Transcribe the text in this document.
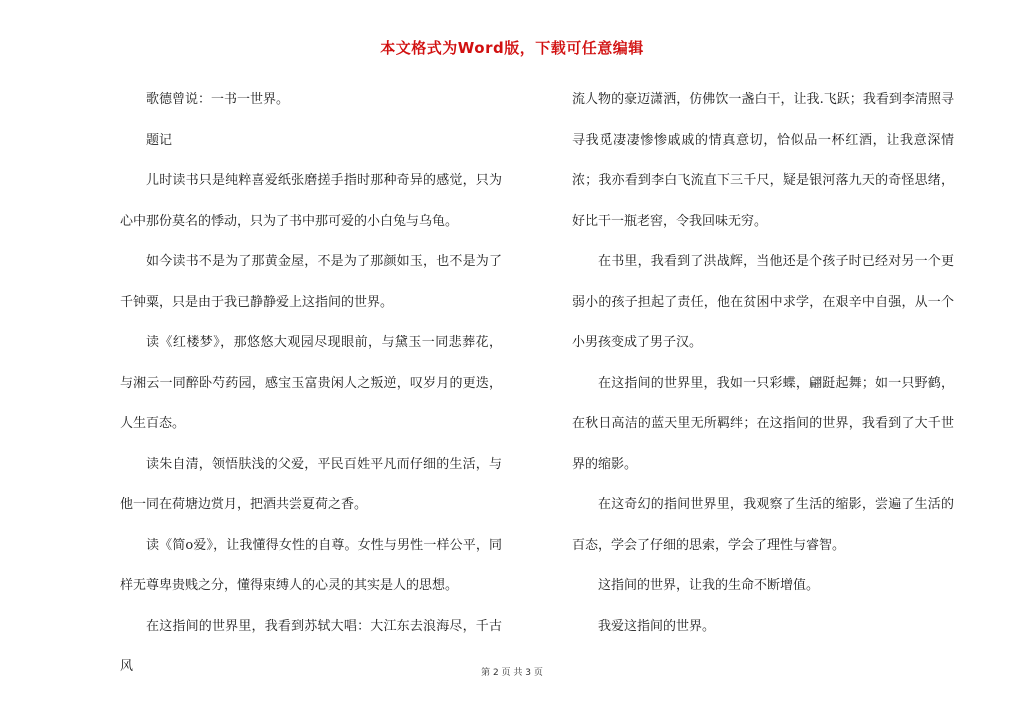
本文格式为Word版，下载可任意编辑

歌德曾说：一书一世界。

题记

儿时读书只是纯粹喜爱纸张磨搓手指时那种奇异的感觉，只为心中那份莫名的悸动，只为了书中那可爱的小白兔与乌龟。

如今读书不是为了那黄金屋，不是为了那颜如玉，也不是为了千钟粟，只是由于我已静静爱上这指间的世界。

读《红楼梦》，那悠悠大观园尽现眼前，与黛玉一同悲葬花，与湘云一同醉卧芍药园，感宝玉富贵闲人之叛逆，叹岁月的更迭，人生百态。

读朱自清，领悟肤浅的父爱，平民百姓平凡而仔细的生活，与他一同在荷塘边赏月，把酒共尝夏荷之香。

读《简ο爱》，让我懂得女性的自尊。女性与男性一样公平，同样无尊卑贵贱之分，懂得束缚人的心灵的其实是人的思想。

在这指间的世界里，我看到苏轼大唱：大江东去浪海尽，千古风

流人物的豪迈潇洒，仿佛饮一盏白干，让我.飞跃；我看到李清照寻寻我觅凄凄惨惨戚戚的情真意切，恰似品一杯红酒，让我意深情浓；我亦看到李白飞流直下三千尺，疑是银河落九天的奇怪思绪，好比干一瓶老窖，令我回味无穷。

在书里，我看到了洪战辉，当他还是个孩子时已经对另一个更弱小的孩子担起了责任，他在贫困中求学，在艰辛中自强，从一个小男孩变成了男子汉。

在这指间的世界里，我如一只彩蝶，翩跹起舞；如一只野鹤，在秋日高洁的蓝天里无所羁绊；在这指间的世界，我看到了大千世界的缩影。

在这奇幻的指间世界里，我观察了生活的缩影，尝遍了生活的百态，学会了仔细的思索，学会了理性与睿智。

这指间的世界，让我的生命不断增值。

我爱这指间的世界。

第 2 页 共 3 页
